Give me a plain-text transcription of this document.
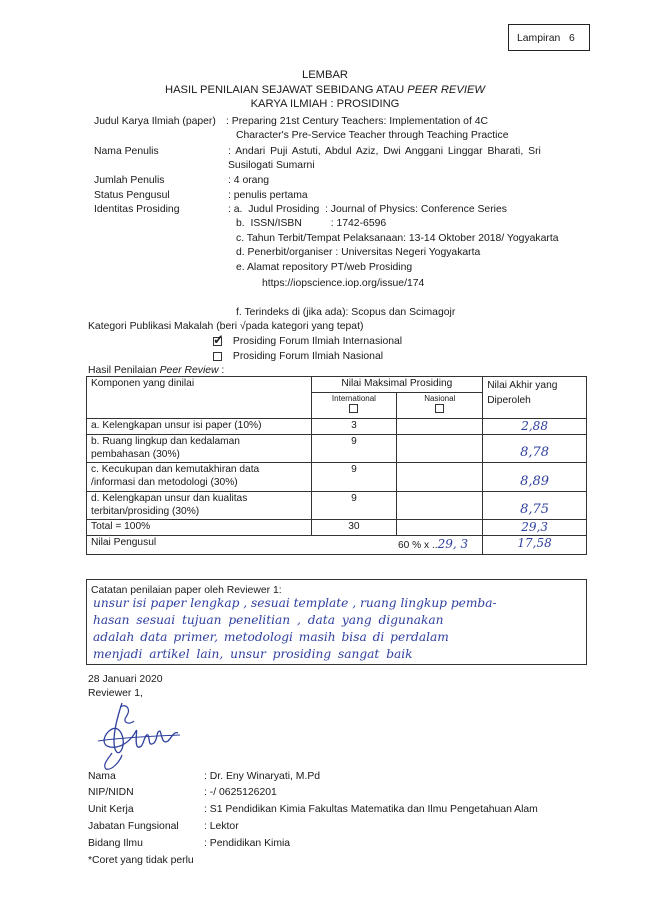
Lampiran   6
LEMBAR
HASIL PENILAIAN SEJAWAT SEBIDANG ATAU PEER REVIEW
KARYA ILMIAH : PROSIDING
Judul Karya Ilmiah (paper) : Preparing 21st Century Teachers: Implementation of 4C
Character's Pre-Service Teacher through Teaching Practice
Nama Penulis	: Andari Puji Astuti, Abdul Aziz, Dwi Anggani Linggar Bharati, Sri
Susilogati Sumarni
Jumlah Penulis	: 4 orang
Status Pengusul	: penulis pertama
Identitas Prosiding	: a.  Judul Prosiding  : Journal of Physics: Conference Series
b.  ISSN/ISBN          : 1742-6596
c. Tahun Terbit/Tempat Pelaksanaan: 13-14 Oktober 2018/ Yogyakarta
d. Penerbit/organiser : Universitas Negeri Yogyakarta
e. Alamat repository PT/web Prosiding
https://iopscience.iop.org/issue/174
f. Terindeks di (jika ada): Scopus dan Scimagojr
Kategori Publikasi Makalah (beri √pada kategori yang tepat)
✓ Prosiding Forum Ilmiah Internasional
Prosiding Forum Ilmiah Nasional
Hasil Penilaian Peer Review :
Komponen yang dinilai	Nilai Maksimal Prosiding		Nilai Akhir yang Diperoleh

	International	Nasional	

a. Kelengkapan unsur isi paper (10%)	3		2,88
b. Ruang lingkup dan kedalaman pembahasan (30%)	9		8,78
c. Kecukupan dan kemutakhiran data /informasi dan metodologi (30%)	9		8,89
d. Kelengkapan unsur dan kualitas terbitan/prosiding (30%)	9		8,75
Total = 100%	30		29,3
Nilai Pengusul	60 % x ..29, 3		17,58
Catatan penilaian paper oleh Reviewer 1:
unsur isi paper lengkap , sesuai template , ruang lingkup pemba-
hasan sesuai tujuan penelitian , data yang digunakan
adalah data primer, metodologi masih bisa di perdalam
menjadi artikel lain, unsur prosiding sangat baik
28 Januari 2020
Reviewer 1,
Nama	: Dr. Eny Winaryati, M.Pd
NIP/NIDN	: -/ 0625126201
Unit Kerja	: S1 Pendidikan Kimia Fakultas Matematika dan Ilmu Pengetahuan Alam
Jabatan Fungsional : Lektor
Bidang Ilmu	: Pendidikan Kimia
*Coret yang tidak perlu
